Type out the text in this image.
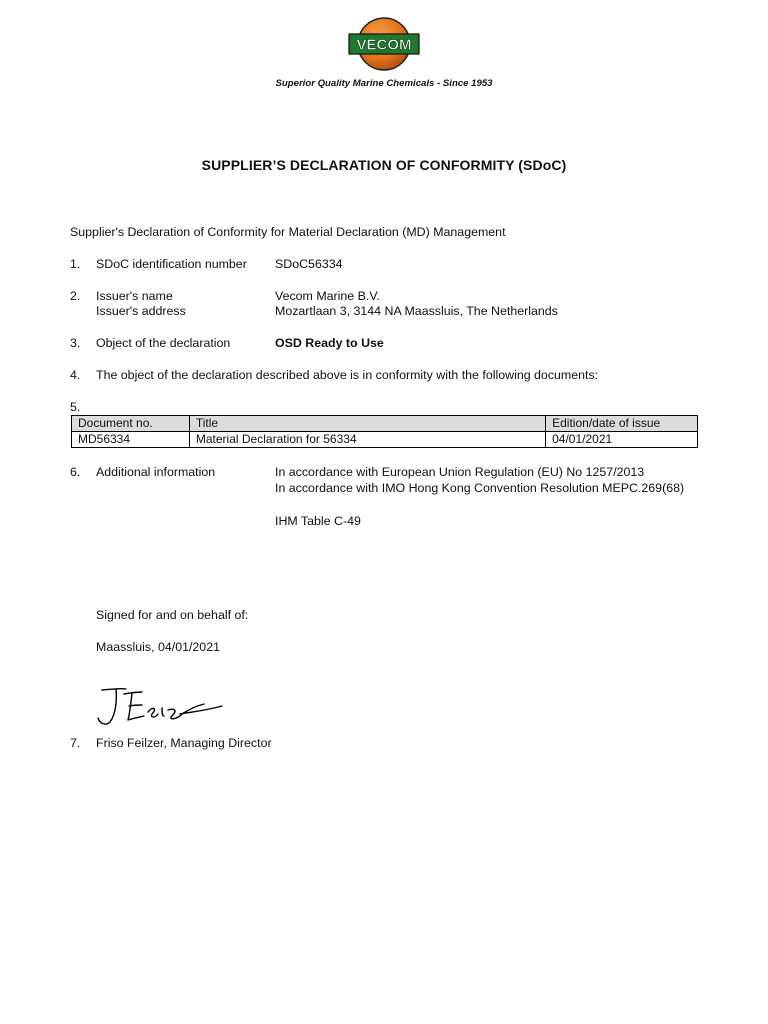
VECOM
Superior Quality Marine Chemicals - Since 1953
SUPPLIER’S DECLARATION OF CONFORMITY (SDoC)
Supplier's Declaration of Conformity for Material Declaration (MD) Management
1. SDoC identification number SDoC56334
2. Issuer's name	Vecom Marine B.V.
Issuer's address	Mozartlaan 3, 3144 NA Maassluis, The Netherlands
3. Object of the declaration	OSD Ready to Use
4. The object of the declaration described above is in conformity with the following documents:
5.
Document no.	Title	Edition/date of issue
MD56334	Material Declaration for 56334	04/01/2021
6. Additional information	In accordance with European Union Regulation (EU) No 1257/2013
In accordance with IMO Hong Kong Convention Resolution MEPC.269(68)
IHM Table C-49
Signed for and on behalf of:
Maassluis, 04/01/2021
7. Friso Feilzer, Managing Director
